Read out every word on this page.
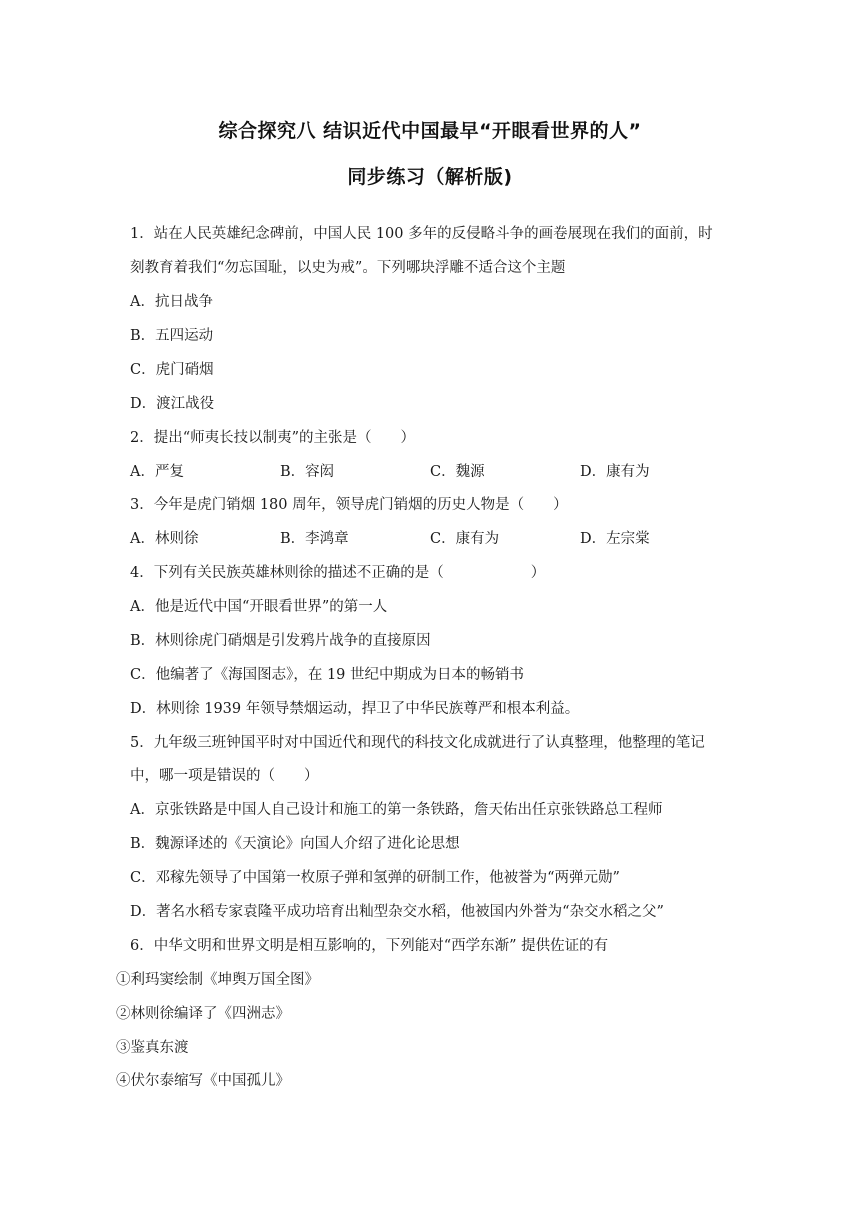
综合探究八 结识近代中国最早“开眼看世界的人”
同步练习（解析版)
1．站在人民英雄纪念碑前，中国人民 100 多年的反侵略斗争的画卷展现在我们的面前，时
刻教育着我们“勿忘国耻，以史为戒”。下列哪块浮雕不适合这个主题
A．抗日战争
B．五四运动
C．虎门硝烟
D．渡江战役
2．提出“师夷长技以制夷”的主张是（　　）
A．严复	B．容闳	C．魏源	D．康有为
3．今年是虎门销烟 180 周年，领导虎门销烟的历史人物是（　　）
A．林则徐	B．李鸿章	C．康有为	D．左宗棠
4．下列有关民族英雄林则徐的描述不正确的是（　　　　　　）
A．他是近代中国“开眼看世界”的第一人
B．林则徐虎门硝烟是引发鸦片战争的直接原因
C．他编著了《海国图志》，在 19 世纪中期成为日本的畅销书
D．林则徐 1939 年领导禁烟运动，捍卫了中华民族尊严和根本利益。
5．九年级三班钟国平时对中国近代和现代的科技文化成就进行了认真整理，他整理的笔记
中，哪一项是错误的（　　）
A．京张铁路是中国人自己设计和施工的第一条铁路，詹天佑出任京张铁路总工程师
B．魏源译述的《天演论》向国人介绍了进化论思想
C．邓稼先领导了中国第一枚原子弹和氢弹的研制工作，他被誉为“两弹元勋”
D．著名水稻专家袁隆平成功培育出籼型杂交水稻，他被国内外誉为“杂交水稻之父”
6．中华文明和世界文明是相互影响的，下列能对“西学东渐” 提供佐证的有
①利玛窦绘制《坤舆万国全图》
②林则徐编译了《四洲志》
③鉴真东渡
④伏尔泰缩写《中国孤儿》
